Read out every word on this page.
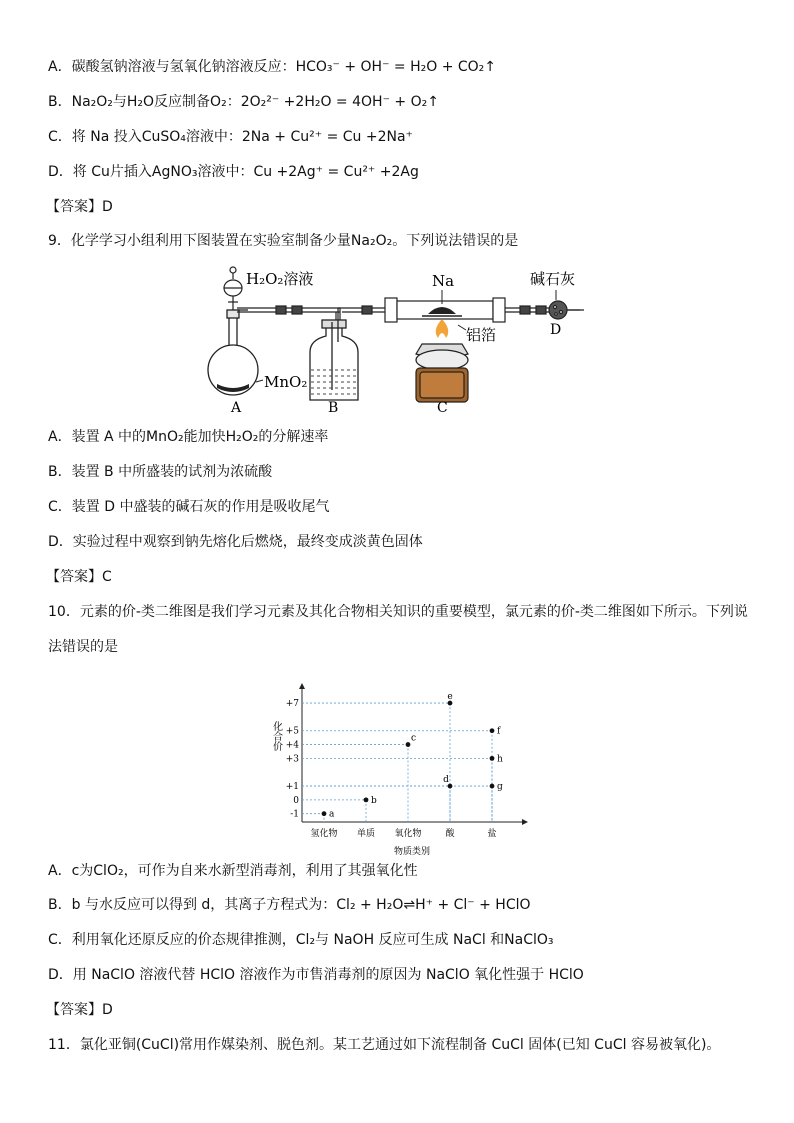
A．碳酸氢钠溶液与氢氧化钠溶液反应：HCO₃⁻ + OH⁻ = H₂O + CO₂↑
B．Na₂O₂与H₂O反应制备O₂：2O₂²⁻ +2H₂O = 4OH⁻ + O₂↑
C．将 Na 投入CuSO₄溶液中：2Na + Cu²⁺ = Cu +2Na⁺
D．将 Cu片插入AgNO₃溶液中：Cu +2Ag⁺ = Cu²⁺ +2Ag
【答案】D
9．化学学习小组利用下图装置在实验室制备少量Na₂O₂。下列说法错误的是
H₂O₂溶液
MnO₂
A	B
Na
铝箔
C
碱石灰
D
A．装置 A 中的MnO₂能加快H₂O₂的分解速率
B．装置 B 中所盛装的试剂为浓硫酸
C．装置 D 中盛装的碱石灰的作用是吸收尾气
D．实验过程中观察到钠先熔化后燃烧，最终变成淡黄色固体
【答案】C
10．元素的价-类二维图是我们学习元素及其化合物相关知识的重要模型，氯元素的价-类二维图如下所示。下列说
法错误的是
+7
+5
+4
+3
+1
0
-1
化合价
氢化物 单质 氧化物	酸	盐
物质类别
a
b
c
d
e
f
h
g
A．c为ClO₂，可作为自来水新型消毒剂，利用了其强氧化性
B．b 与水反应可以得到 d，其离子方程式为：Cl₂ + H₂O⇌H⁺ + Cl⁻ + HClO
C．利用氧化还原反应的价态规律推测，Cl₂与 NaOH 反应可生成 NaCl 和NaClO₃
D．用 NaClO 溶液代替 HClO 溶液作为市售消毒剂的原因为 NaClO 氧化性强于 HClO
【答案】D
11．氯化亚铜(CuCl)常用作媒染剂、脱色剂。某工艺通过如下流程制备 CuCl 固体(已知 CuCl 容易被氧化)。
